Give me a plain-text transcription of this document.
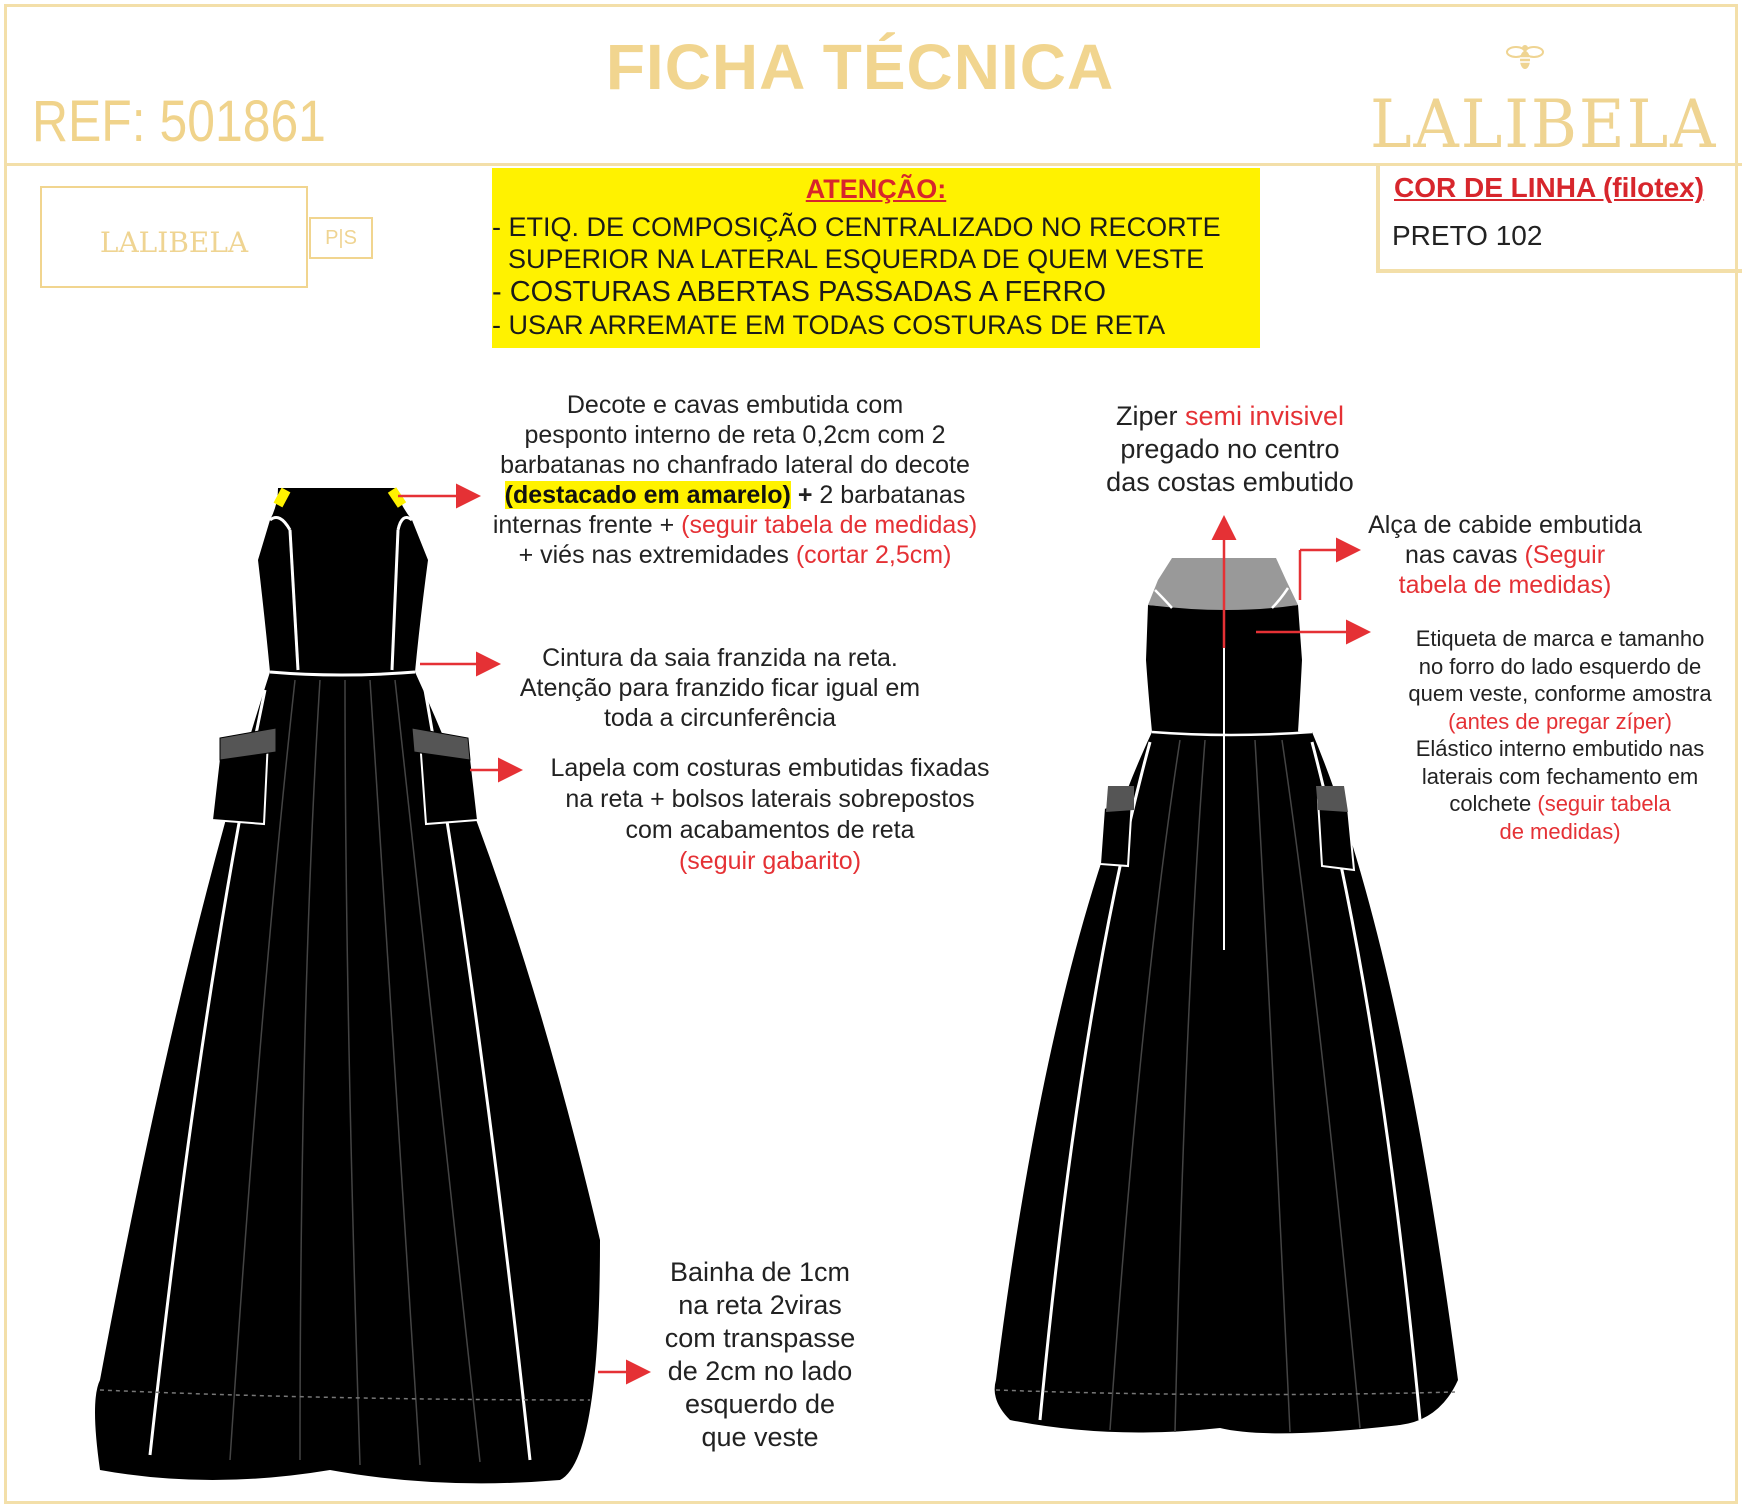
FICHA TÉCNICA
REF: 501861	LALIBELA
LALIBELA	P|S
ATENÇÃO:
- ETIQ. DE COMPOSIÇÃO CENTRALIZADO NO RECORTE
SUPERIOR NA LATERAL ESQUERDA DE QUEM VESTE
- COSTURAS ABERTAS PASSADAS A FERRO
- USAR ARREMATE EM TODAS COSTURAS DE RETA
COR DE LINHA (filotex)
PRETO 102
Decote e cavas embutida com
pesponto interno de reta 0,2cm com 2
barbatanas no chanfrado lateral do decote
(destacado em amarelo) + 2 barbatanas
internas frente + (seguir tabela de medidas)
+ viés nas extremidades (cortar 2,5cm)
Cintura da saia franzida na reta.
Atenção para franzido ficar igual em
toda a circunferência
Lapela com costuras embutidas fixadas
na reta + bolsos laterais sobrepostos
com acabamentos de reta
(seguir gabarito)
Bainha de 1cm
na reta 2viras
com transpasse
de 2cm no lado
esquerdo de
que veste
Ziper semi invisivel
pregado no centro
das costas embutido
Alça de cabide embutida
nas cavas (Seguir
tabela de medidas)
Etiqueta de marca e tamanho
no forro do lado esquerdo de
quem veste, conforme amostra
(antes de pregar zíper)
Elástico interno embutido nas
laterais com fechamento em
colchete (seguir tabela
de medidas)
